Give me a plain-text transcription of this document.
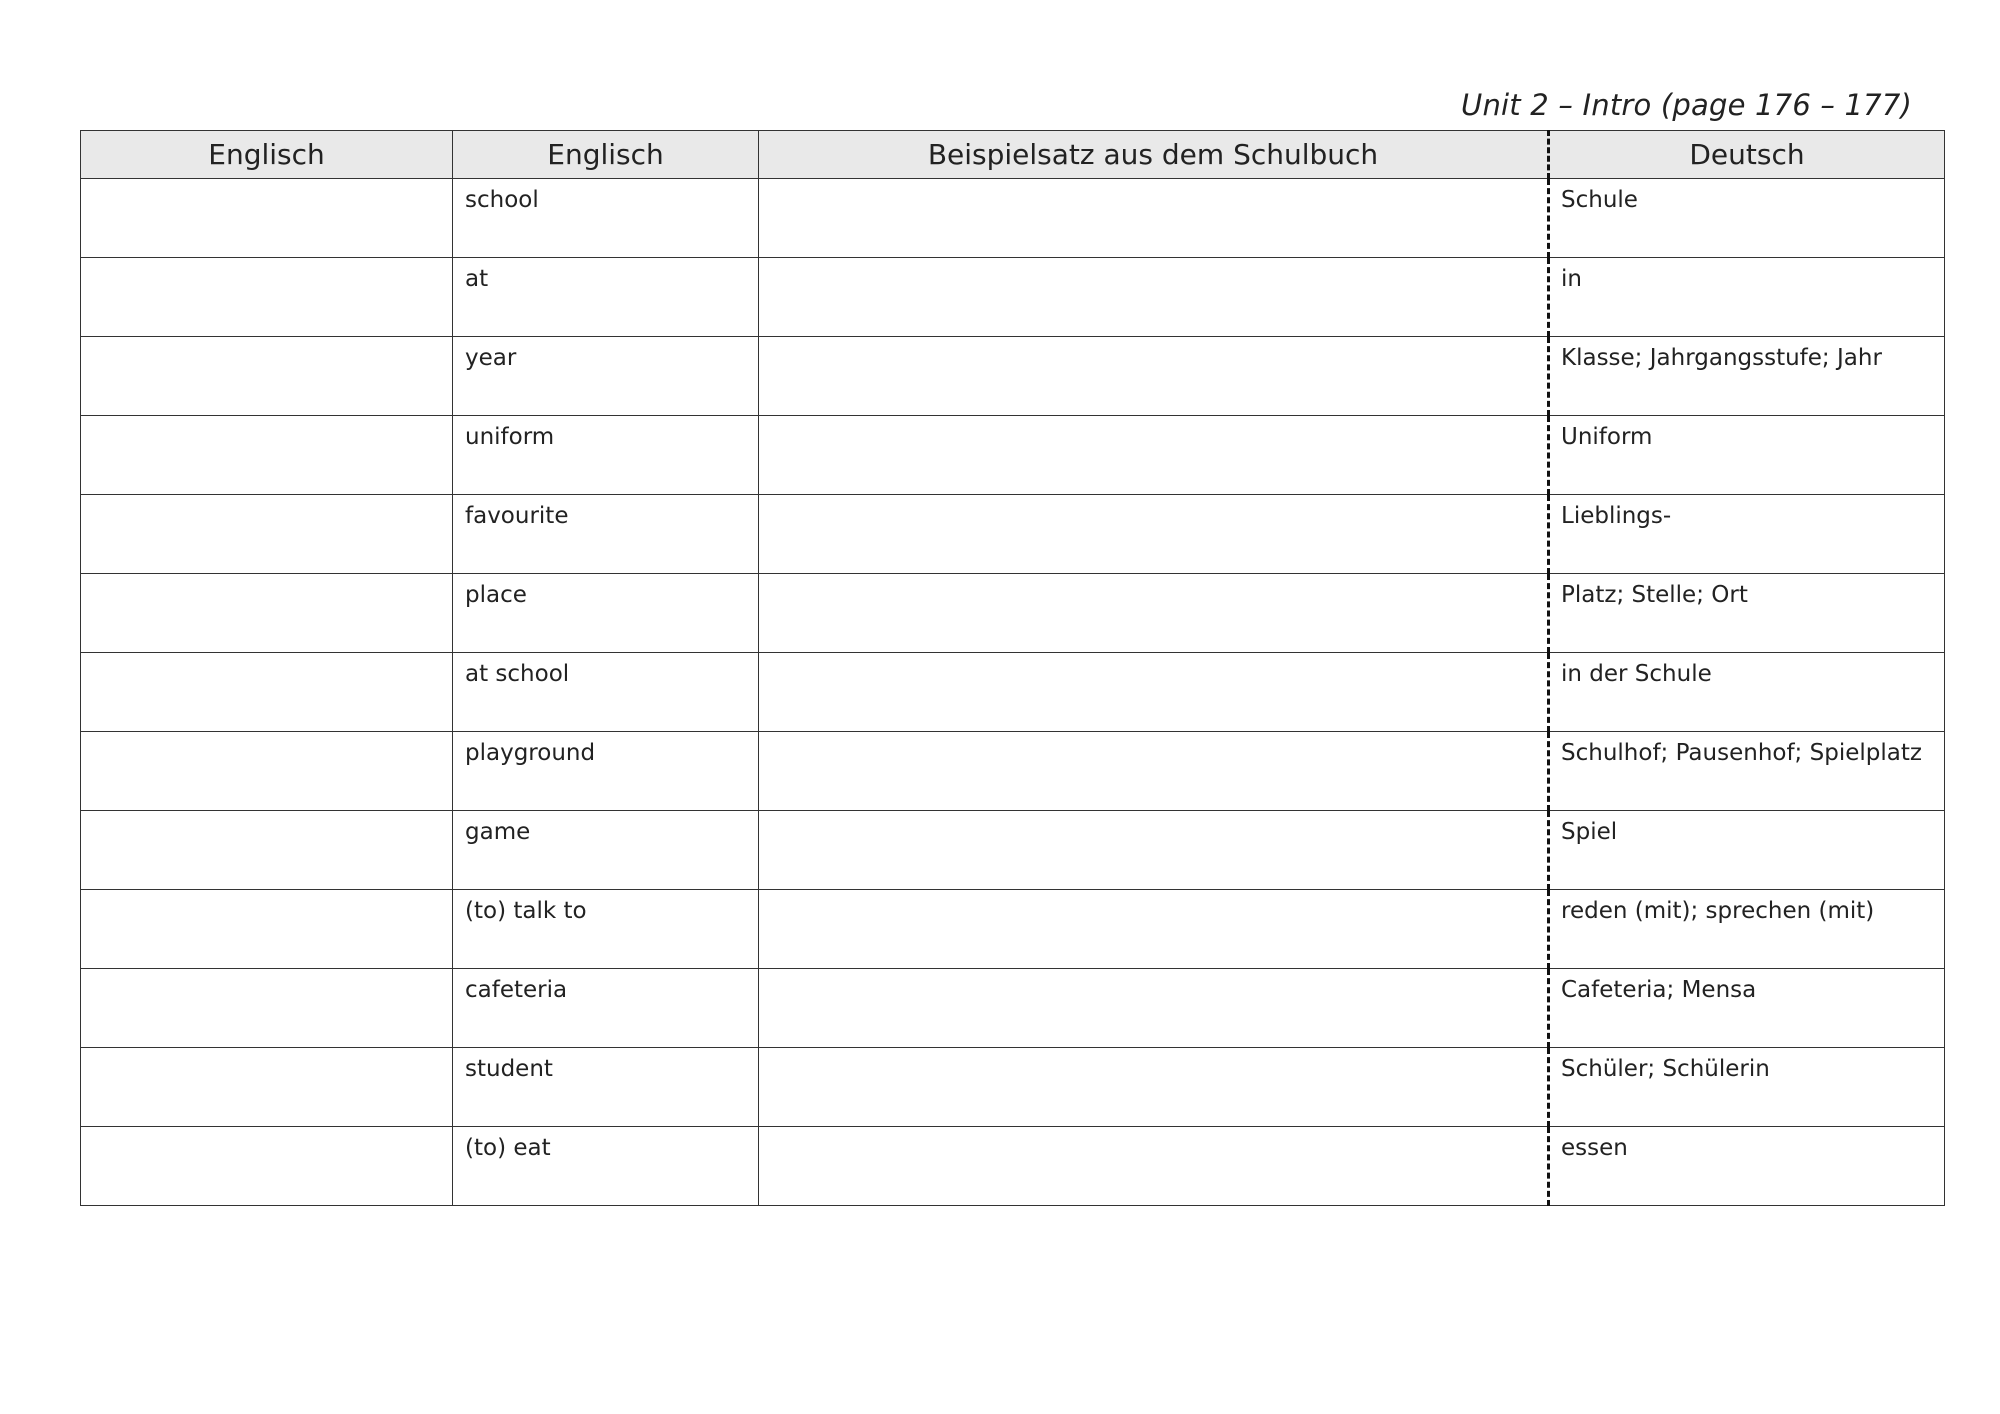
Unit 2 – Intro (page 176 – 177)
Englisch	Englisch	Beispielsatz aus dem Schulbuch	Deutsch

	school		Schule

	at		in

	year		Klasse; Jahrgangsstufe; Jahr

	uniform		Uniform

	favourite		Lieblings-

	place		Platz; Stelle; Ort

	at school		in der Schule

	playground		Schulhof; Pausenhof; Spielplatz

	game		Spiel

	(to) talk to		reden (mit); sprechen (mit)

	cafeteria		Cafeteria; Mensa

	student		Schüler; Schülerin

	(to) eat		essen
